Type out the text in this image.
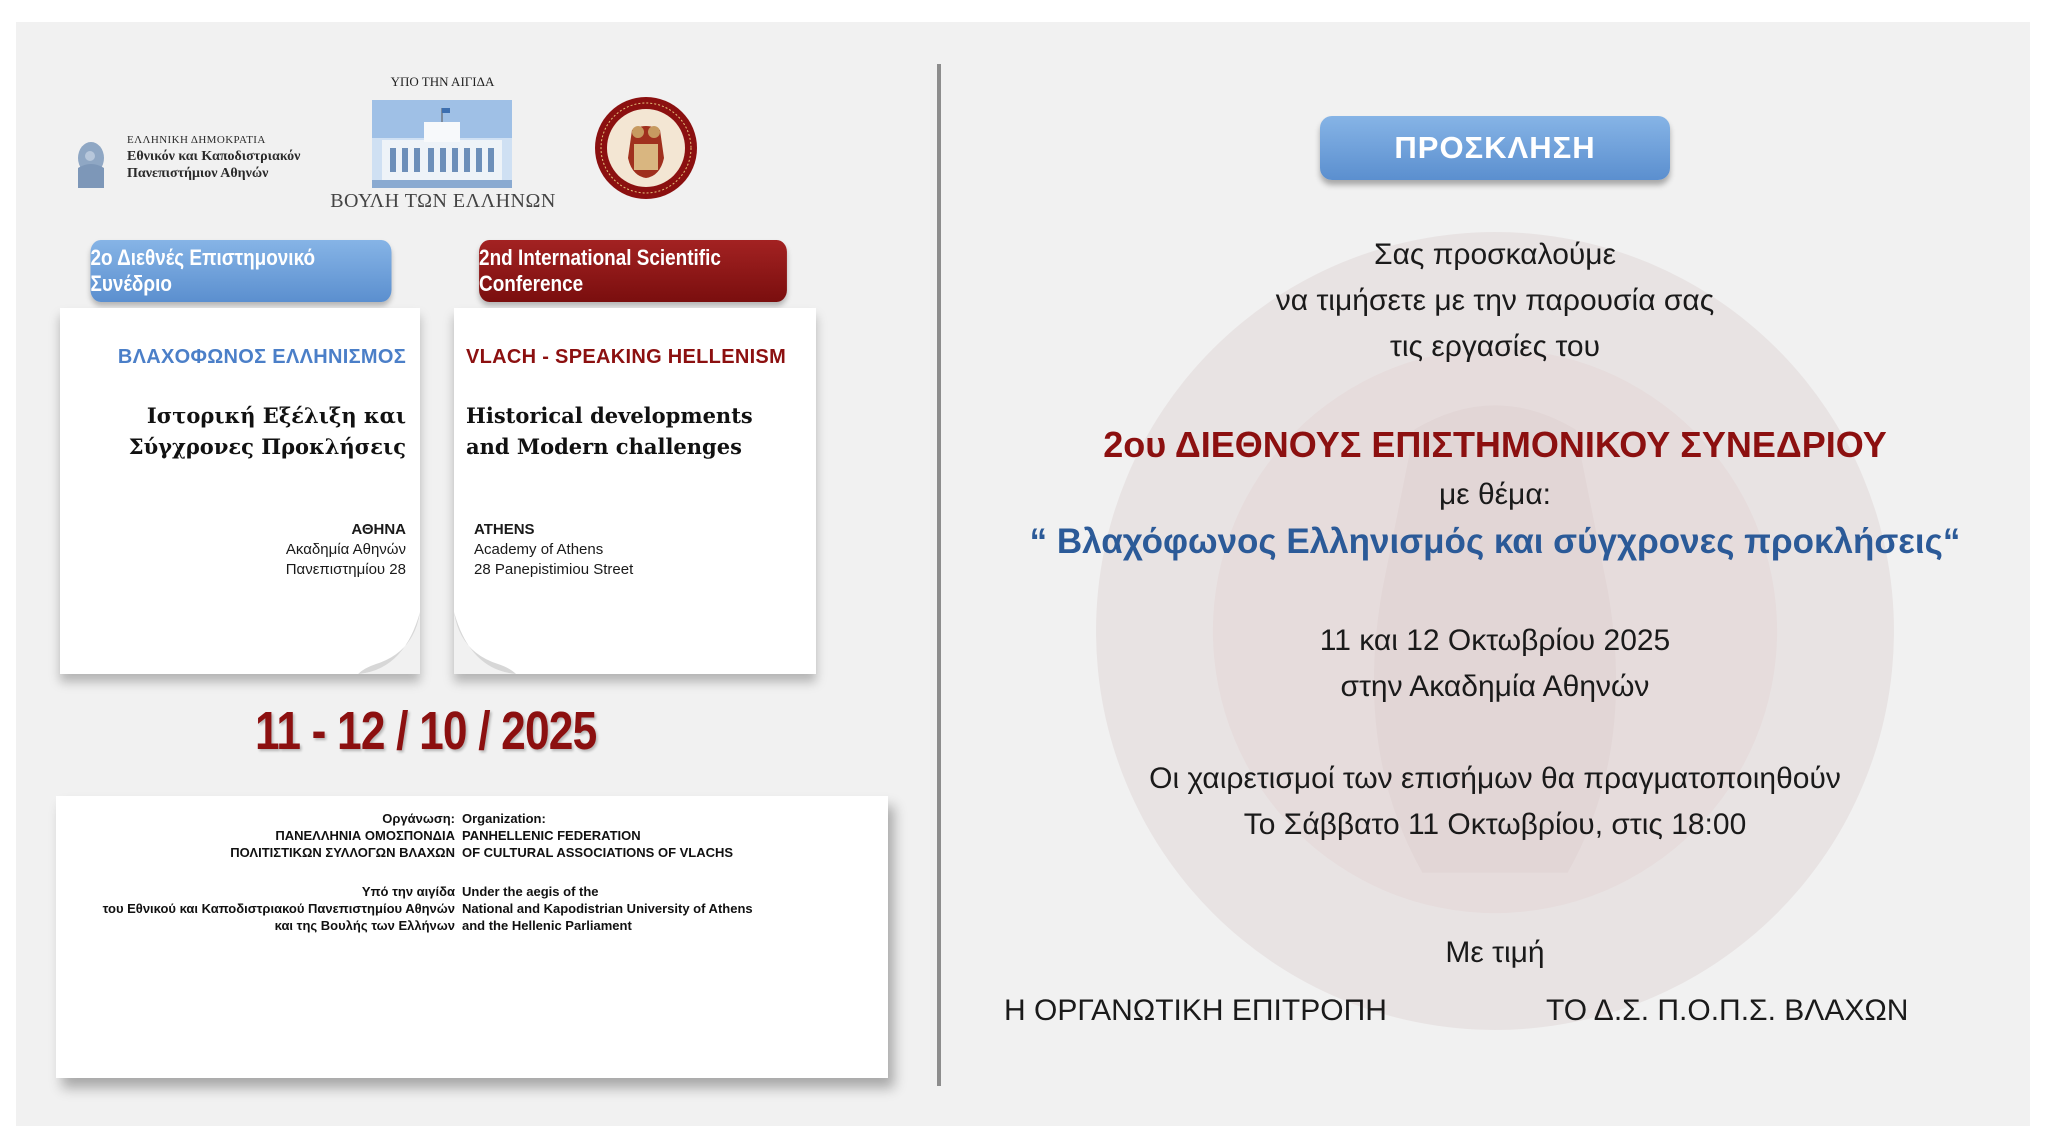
ΕΛΛΗΝΙΚΗ ΔΗΜΟΚΡΑΤΙΑ
Εθνικόν και Καποδιστριακόν
Πανεπιστήμιον Αθηνών
ΥΠΟ ΤΗΝ ΑΙΓΙΔΑ
ΒΟΥΛΗ ΤΩΝ ΕΛΛΗΝΩΝ
2ο Διεθνές Επιστημονικό Συνέδριο
2nd International Scientific Conference
ΒΛΑΧΟΦΩΝΟΣ ΕΛΛΗΝΙΣΜΟΣ
Ιστορική Εξέλιξη και
Σύγχρονες Προκλήσεις
ΑΘΗΝΑ
Ακαδημία Αθηνών
Πανεπιστημίου 28
VLACH - SPEAKING HELLENISM
Historical developments
and Modern challenges
ATHENS
Academy of Athens
28 Panepistimiou Street
11 - 12 / 10 / 2025
Οργάνωση:
ΠΑΝΕΛΛΗΝΙΑ ΟΜΟΣΠΟΝΔΙΑ
ΠΟΛΙΤΙΣΤΙΚΩΝ ΣΥΛΛΟΓΩΝ ΒΛΑΧΩΝ
Υπό την αιγίδα
του Εθνικού και Καποδιστριακού Πανεπιστημίου Αθηνών
και της Βουλής των Ελλήνων
Organization:
PANHELLENIC FEDERATION
OF CULTURAL ASSOCIATIONS OF VLACHS
Under the aegis of the
National and Kapodistrian University of Athens
and the Hellenic Parliament
ΠΡΟΣΚΛΗΣΗ
Σας προσκαλούμε
να τιμήσετε με την παρουσία σας
τις εργασίες του
2ου ΔΙΕΘΝΟΥΣ ΕΠΙΣΤΗΜΟΝΙΚΟΥ ΣΥΝΕΔΡΙΟΥ
με θέμα:
“ Βλαχόφωνος Ελληνισμός και σύγχρονες προκλήσεις“
11 και 12 Οκτωβρίου 2025
στην Ακαδημία Αθηνών
Οι χαιρετισμοί των επισήμων θα πραγματοποιηθούν
Το Σάββατο 11 Οκτωβρίου, στις 18:00
Με τιμή
Η ΟΡΓΑΝΩΤΙΚΗ ΕΠΙΤΡΟΠΗ	ΤΟ Δ.Σ. Π.Ο.Π.Σ. ΒΛΑΧΩΝ
